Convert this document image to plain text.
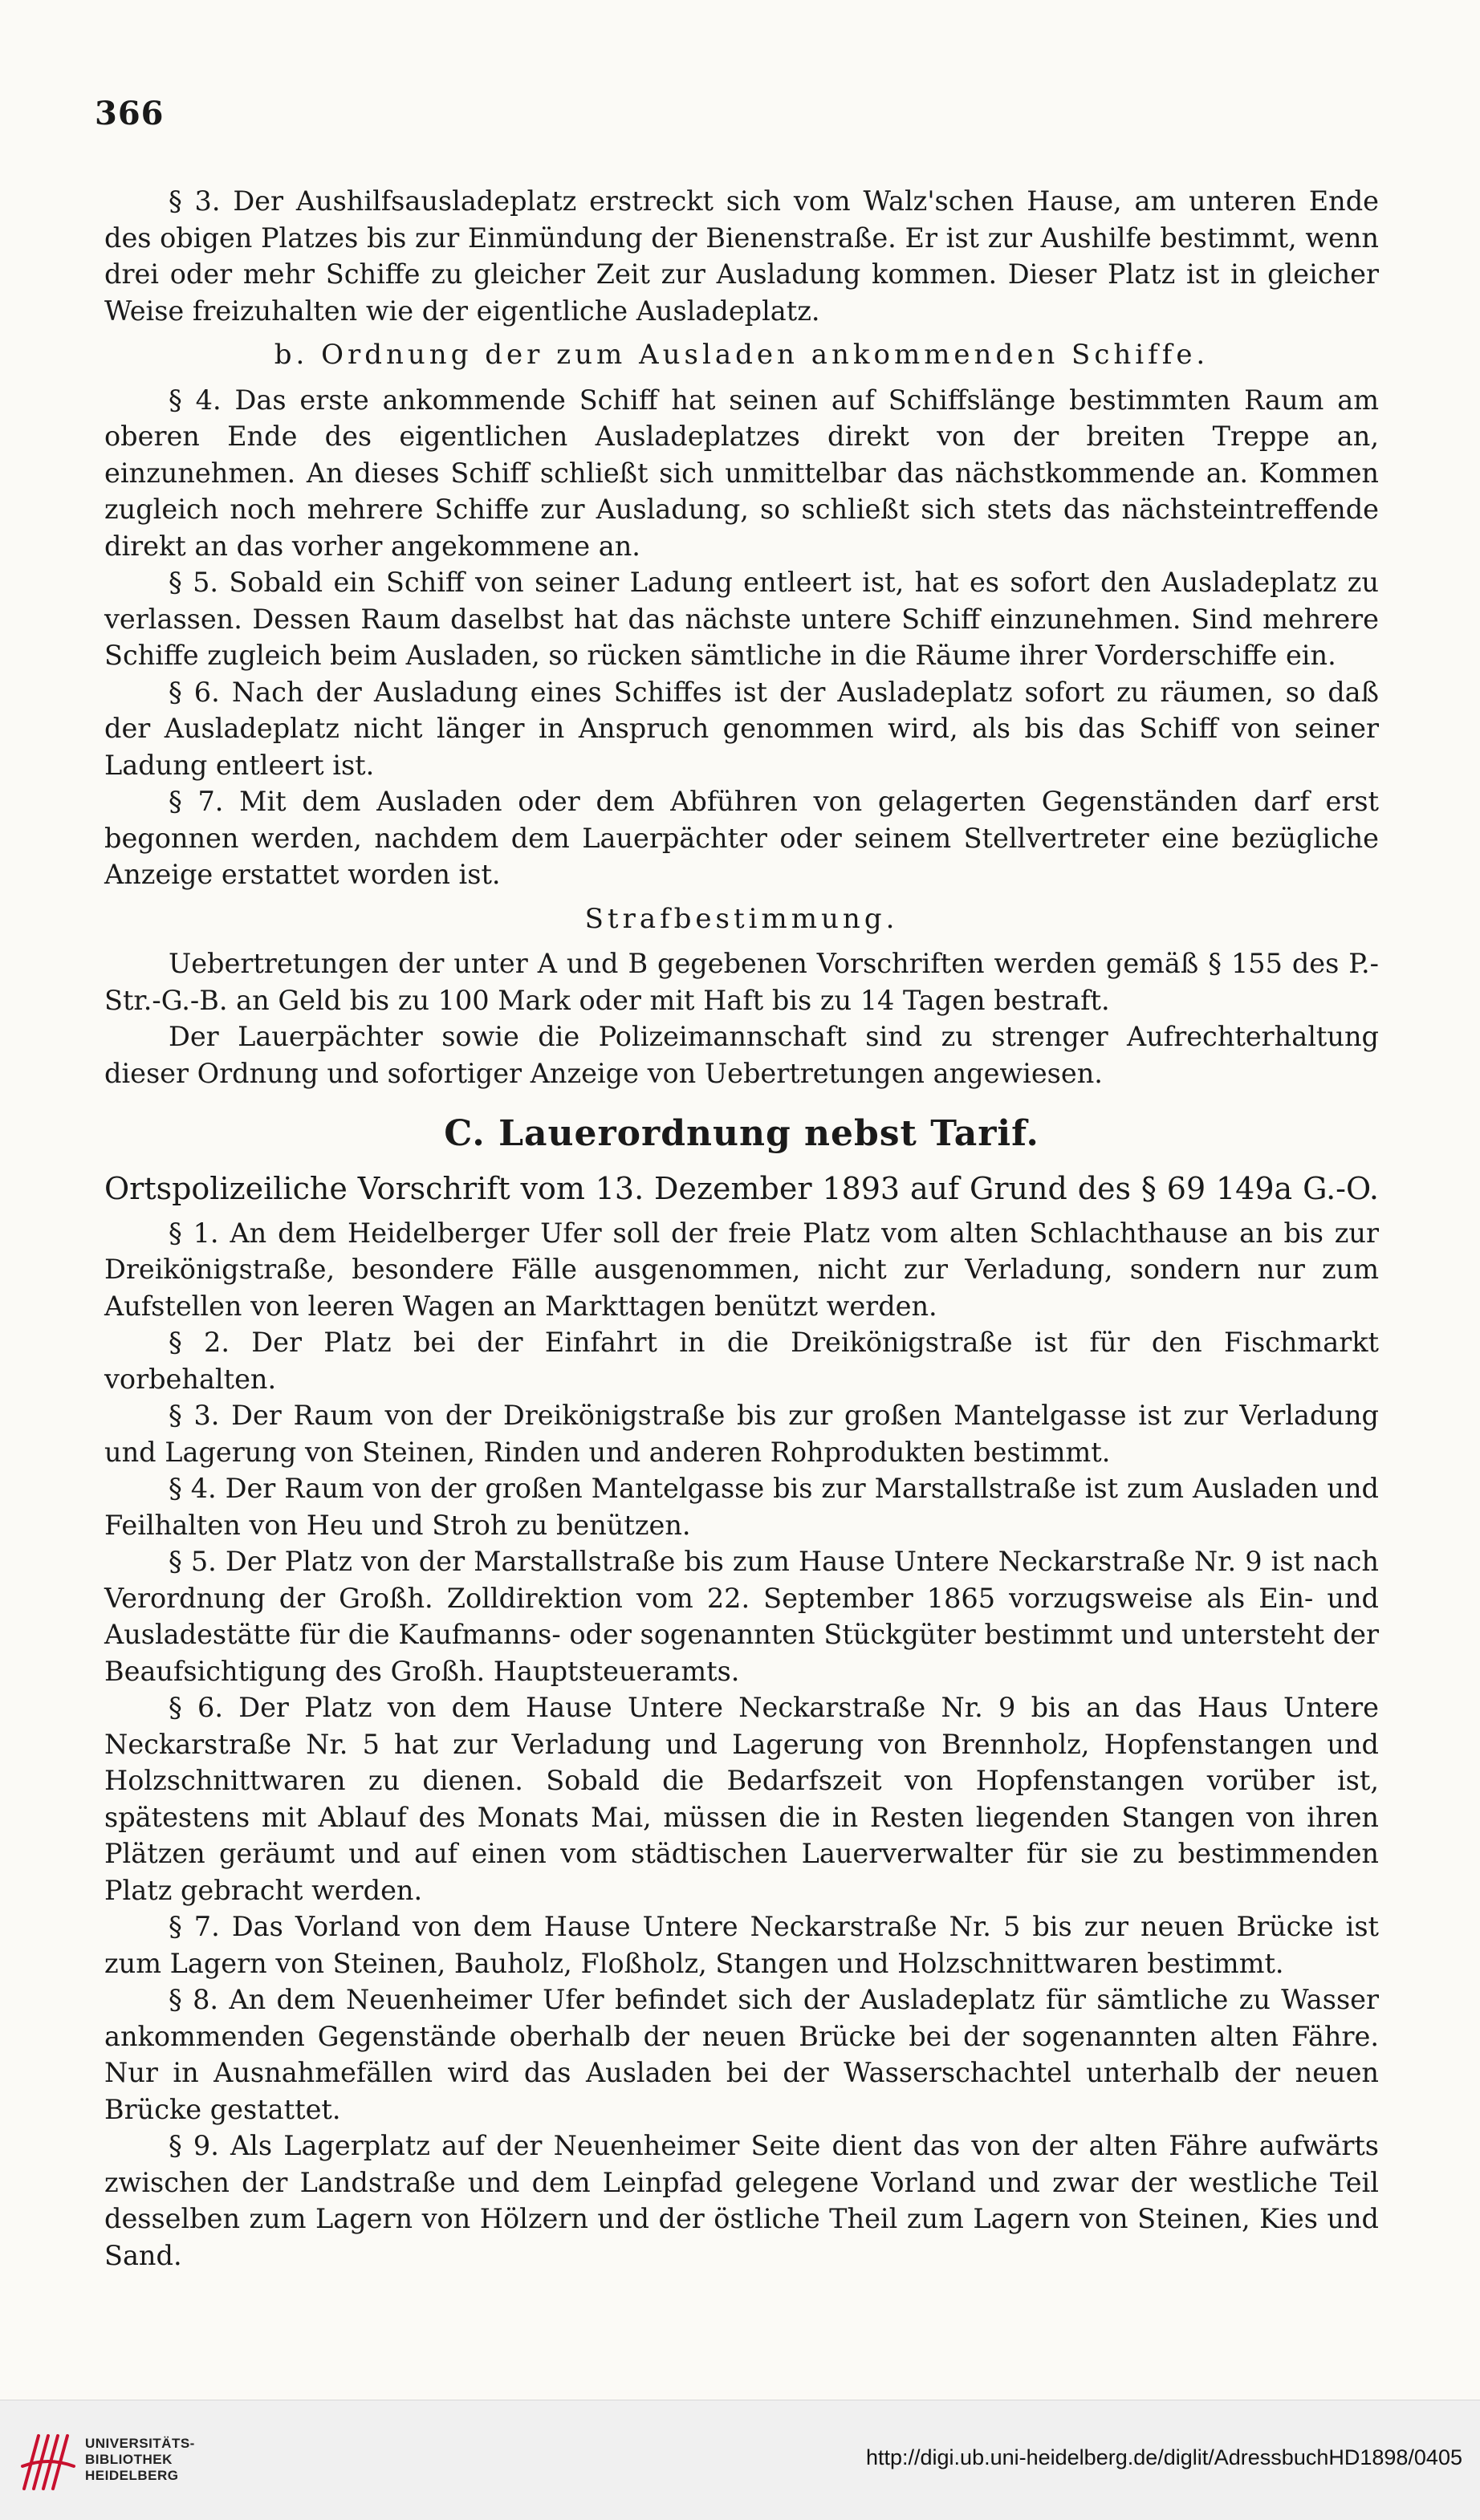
366

§ 3. Der Aushilfsausladeplatz erstreckt sich vom Walz'schen Hause, am unteren Ende des obigen Platzes bis zur Einmündung der Bienenstraße. Er ist zur Aushilfe bestimmt, wenn drei oder mehr Schiffe zu gleicher Zeit zur Ausladung kommen. Dieser Platz ist in gleicher Weise freizuhalten wie der eigentliche Ausladeplatz.

b. Ordnung der zum Ausladen ankommenden Schiffe.

§ 4. Das erste ankommende Schiff hat seinen auf Schiffslänge bestimmten Raum am oberen Ende des eigentlichen Ausladeplatzes direkt von der breiten Treppe an, einzunehmen. An dieses Schiff schließt sich unmittelbar das nächstkommende an. Kommen zugleich noch mehrere Schiffe zur Ausladung, so schließt sich stets das nächsteintreffende direkt an das vorher angekommene an.

§ 5. Sobald ein Schiff von seiner Ladung entleert ist, hat es sofort den Ausladeplatz zu verlassen. Dessen Raum daselbst hat das nächste untere Schiff einzunehmen. Sind mehrere Schiffe zugleich beim Ausladen, so rücken sämtliche in die Räume ihrer Vorderschiffe ein.

§ 6. Nach der Ausladung eines Schiffes ist der Ausladeplatz sofort zu räumen, so daß der Ausladeplatz nicht länger in Anspruch genommen wird, als bis das Schiff von seiner Ladung entleert ist.

§ 7. Mit dem Ausladen oder dem Abführen von gelagerten Gegenständen darf erst begonnen werden, nachdem dem Lauerpächter oder seinem Stellvertreter eine bezügliche Anzeige erstattet worden ist.

Strafbestimmung.

Uebertretungen der unter A und B gegebenen Vorschriften werden gemäß § 155 des P.-Str.-G.-B. an Geld bis zu 100 Mark oder mit Haft bis zu 14 Tagen bestraft.

Der Lauerpächter sowie die Polizeimannschaft sind zu strenger Aufrechterhaltung dieser Ordnung und sofortiger Anzeige von Uebertretungen angewiesen.

C. Lauerordnung nebst Tarif.

Ortspolizeiliche Vorschrift vom 13. Dezember 1893 auf Grund des § 69 149a G.-O.

§ 1. An dem Heidelberger Ufer soll der freie Platz vom alten Schlachthause an bis zur Dreikönigstraße, besondere Fälle ausgenommen, nicht zur Verladung, sondern nur zum Aufstellen von leeren Wagen an Markttagen benützt werden.

§ 2. Der Platz bei der Einfahrt in die Dreikönigstraße ist für den Fischmarkt vorbehalten.

§ 3. Der Raum von der Dreikönigstraße bis zur großen Mantelgasse ist zur Verladung und Lagerung von Steinen, Rinden und anderen Rohprodukten bestimmt.

§ 4. Der Raum von der großen Mantelgasse bis zur Marstallstraße ist zum Ausladen und Feilhalten von Heu und Stroh zu benützen.

§ 5. Der Platz von der Marstallstraße bis zum Hause Untere Neckarstraße Nr. 9 ist nach Verordnung der Großh. Zolldirektion vom 22. September 1865 vorzugsweise als Ein- und Ausladestätte für die Kaufmanns- oder sogenannten Stückgüter bestimmt und untersteht der Beaufsichtigung des Großh. Hauptsteueramts.

§ 6. Der Platz von dem Hause Untere Neckarstraße Nr. 9 bis an das Haus Untere Neckarstraße Nr. 5 hat zur Verladung und Lagerung von Brennholz, Hopfenstangen und Holzschnittwaren zu dienen. Sobald die Bedarfszeit von Hopfenstangen vorüber ist, spätestens mit Ablauf des Monats Mai, müssen die in Resten liegenden Stangen von ihren Plätzen geräumt und auf einen vom städtischen Lauerverwalter für sie zu bestimmenden Platz gebracht werden.

§ 7. Das Vorland von dem Hause Untere Neckarstraße Nr. 5 bis zur neuen Brücke ist zum Lagern von Steinen, Bauholz, Floßholz, Stangen und Holzschnittwaren bestimmt.

§ 8. An dem Neuenheimer Ufer befindet sich der Ausladeplatz für sämtliche zu Wasser ankommenden Gegenstände oberhalb der neuen Brücke bei der sogenannten alten Fähre. Nur in Ausnahmefällen wird das Ausladen bei der Wasserschachtel unterhalb der neuen Brücke gestattet.

§ 9. Als Lagerplatz auf der Neuenheimer Seite dient das von der alten Fähre aufwärts zwischen der Landstraße und dem Leinpfad gelegene Vorland und zwar der westliche Teil desselben zum Lagern von Hölzern und der östliche Theil zum Lagern von Steinen, Kies und Sand.

UNIVERSITÄTS-
BIBLIOTHEK
HEIDELBERG
http://digi.ub.uni-heidelberg.de/diglit/AdressbuchHD1898/0405
